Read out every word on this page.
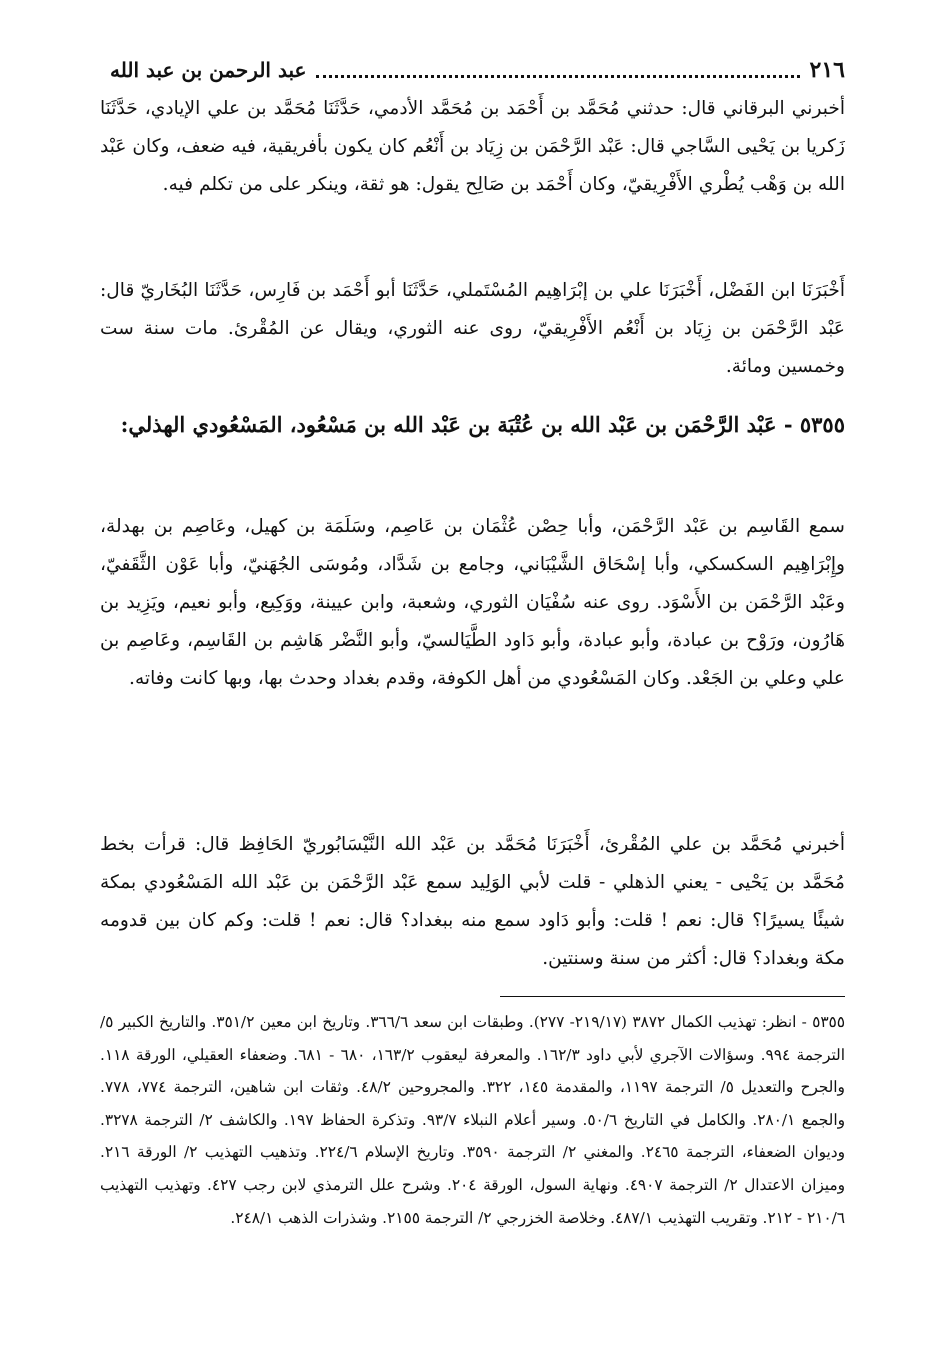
٢١٦
عبد الرحمن بن عبد الله

أخبرني البرقاني قال: حدثني مُحَمَّد بن أَحْمَد بن مُحَمَّد الأدمي، حَدَّثَنَا مُحَمَّد بن علي الإيادي، حَدَّثَنَا زَكريا بن يَحْيى السَّاجي قال: عَبْد الرَّحْمَن بن زِيَاد بن أَنْعُم كان يكون بأفريقية، فيه ضعف، وكان عَبْد الله بن وَهْب يُطْري الأَفْرِيقيّ، وكان أَحْمَد بن صَالِح يقول: هو ثقة، وينكر على من تكلم فيه.

أَخْبَرَنَا ابن الفَضْل، أَخْبَرَنَا علي بن إبْرَاهِيم المُسْتَملي، حَدَّثَنَا أبو أَحْمَد بن فَارِس، حَدَّثَنَا البُخَاريّ قال: عَبْد الرَّحْمَن بن زِيَاد بن أَنْعُم الأَفْرِيقيّ، روى عنه الثوري، ويقال عن المُقْرئ. مات سنة ست وخمسين ومائة.

٥٣٥٥ - عَبْد الرَّحْمَن بن عَبْد الله بن عُتْبَة بن عَبْد الله بن مَسْعُود، المَسْعُودي الهذلي:

سمع القَاسِم بن عَبْد الرَّحْمَن، وأبا حِصْن عُثْمَان بن عَاصِم، وسَلَمَة بن كهيل، وعَاصِم بن بهدلة، وإِبْرَاهِيم السكسكي، وأبا إسْحَاق الشَّيْبَاني، وجامع بن شَدَّاد، ومُوسَى الجُهَنيّ، وأبا عَوْن الثَّقَفيّ، وعَبْد الرَّحْمَن بن الأَسْوَد. روى عنه سُفْيَان الثوري، وشعبة، وابن عيينة، ووَكِيع، وأبو نعيم، ويَزِيد بن هَارُون، ورَوْح بن عبادة، وأبو عبادة، وأبو دَاود الطَّيَالسيّ، وأبو النَّضْر هَاشِم بن القَاسِم، وعَاصِم بن علي وعلي بن الجَعْد. وكان المَسْعُودي من أهل الكوفة، وقدم بغداد وحدث بها، وبها كانت وفاته.

أخبرني مُحَمَّد بن علي المُقْرئ، أَخْبَرَنَا مُحَمَّد بن عَبْد الله النَّيْسَابُوريّ الحَافِظ قال: قرأت بخط مُحَمَّد بن يَحْيى - يعني الذهلي - قلت لأبي الوَلِيد سمع عَبْد الرَّحْمَن بن عَبْد الله المَسْعُودي بمكة شيئًا يسيرًا؟ قال: نعم ! قلت: وأبو دَاود سمع منه ببغداد؟ قال: نعم ! قلت: وكم كان بين قدومه مكة وبغداد؟ قال: أكثر من سنة وسنتين.

٥٣٥٥ - انظر: تهذيب الكمال ٣٨٧٢ (٢١٩/١٧- ٢٧٧). وطبقات ابن سعد ٣٦٦/٦. وتاريخ ابن معين ٣٥١/٢. والتاريخ الكبير ٥/ الترجمة ٩٩٤. وسؤالات الآجري لأبي داود ١٦٢/٣. والمعرفة ليعقوب ١٦٣/٢، ٦٨٠ - ٦٨١. وضعفاء العقيلي، الورقة ١١٨. والجرح والتعديل ٥/ الترجمة ١١٩٧، والمقدمة ١٤٥، ٣٢٢. والمجروحين ٤٨/٢. وثقات ابن شاهين، الترجمة ٧٧٤، ٧٧٨. والجمع ٢٨٠/١. والكامل في التاريخ ٥٠/٦. وسير أعلام النبلاء ٩٣/٧. وتذكرة الحفاظ ١٩٧. والكاشف ٢/ الترجمة ٣٢٧٨. وديوان الضعفاء، الترجمة ٢٤٦٥. والمغني ٢/ الترجمة ٣٥٩٠. وتاريخ الإسلام ٢٢٤/٦. وتذهيب التهذيب ٢/ الورقة ٢١٦. وميزان الاعتدال ٢/ الترجمة ٤٩٠٧. ونهاية السول، الورقة ٢٠٤. وشرح علل الترمذي لابن رجب ٤٢٧. وتهذيب التهذيب ٢١٠/٦ - ٢١٢. وتقريب التهذيب ٤٨٧/١. وخلاصة الخزرجي ٢/ الترجمة ٢١٥٥. وشذرات الذهب ٢٤٨/١.
